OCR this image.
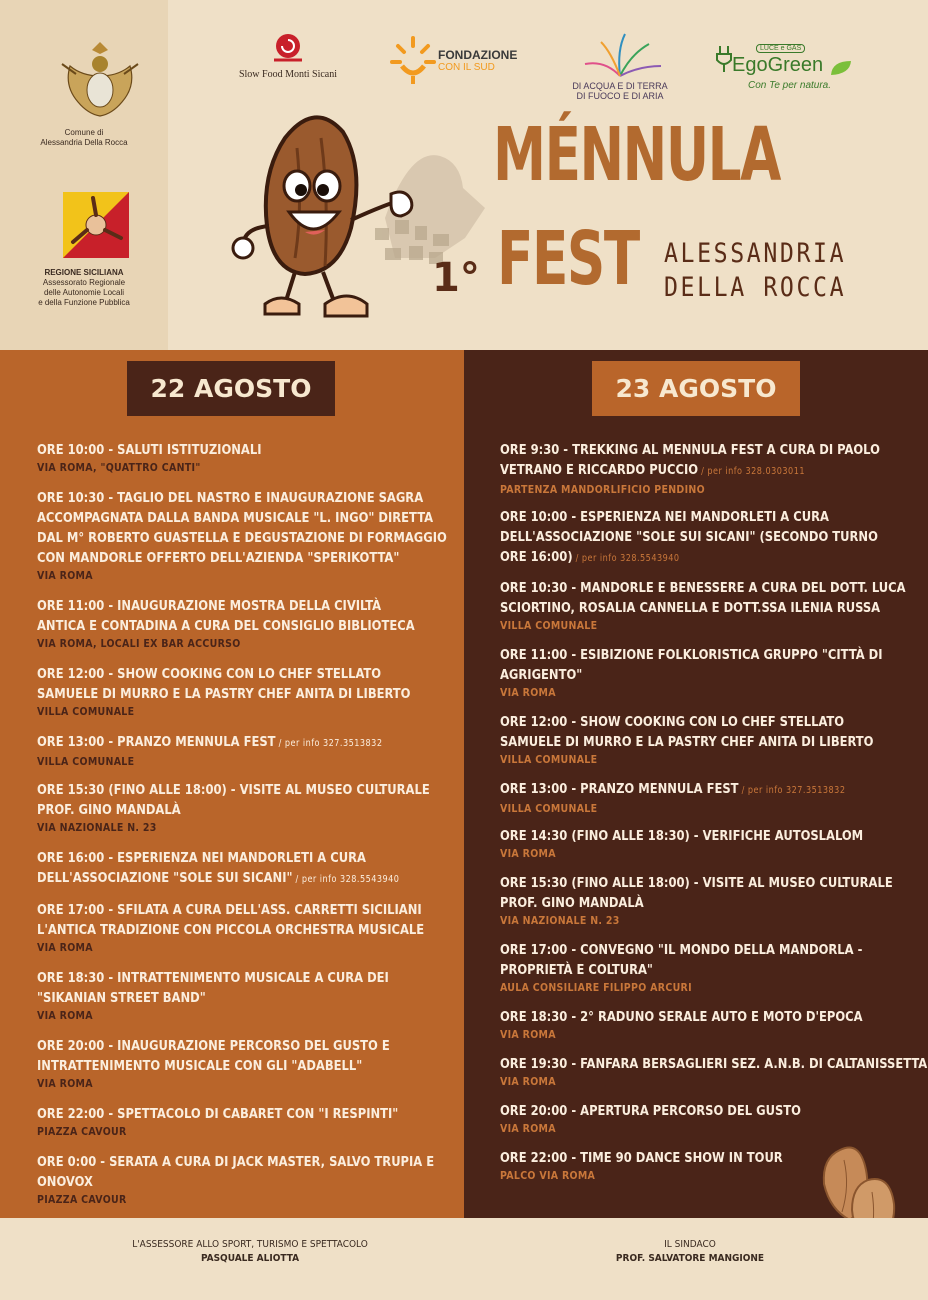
Comune di
Alessandria Della Rocca
REGIONE SICILIANA
Assessorato Regionale
delle Autonomie Locali
e della Funzione Pubblica
Slow Food Monti Sicani
FONDAZIONE
CON IL SUD
DI ACQUA E DI TERRA
DI FUOCO E DI ARIA
LUCE e GAS
EgoGreen
Con Te per natura.
MÉNNULA
FEST
1°
ALESSANDRIA
DELLA ROCCA
22 AGOSTO	23 AGOSTO
ORE 10:00 - SALUTI ISTITUZIONALI
VIA ROMA, "QUATTRO CANTI"
ORE 10:30 - TAGLIO DEL NASTRO E INAUGURAZIONE SAGRA
ACCOMPAGNATA DALLA BANDA MUSICALE "L. INGO" DIRETTA
DAL M° ROBERTO GUASTELLA E DEGUSTAZIONE DI FORMAGGIO
CON MANDORLE OFFERTO DELL'AZIENDA "SPERIKOTTA"
VIA ROMA
ORE 11:00 - INAUGURAZIONE MOSTRA DELLA CIVILTÀ
ANTICA E CONTADINA A CURA DEL CONSIGLIO BIBLIOTECA
VIA ROMA, LOCALI EX BAR ACCURSO
ORE 12:00 - SHOW COOKING CON LO CHEF STELLATO
SAMUELE DI MURRO E LA PASTRY CHEF ANITA DI LIBERTO
VILLA COMUNALE
ORE 13:00 - PRANZO MENNULA FEST / per info 327.3513832
VILLA COMUNALE
ORE 15:30 (FINO ALLE 18:00) - VISITE AL MUSEO CULTURALE
PROF. GINO MANDALÀ
VIA NAZIONALE N. 23
ORE 16:00 - ESPERIENZA NEI MANDORLETI A CURA
DELL'ASSOCIAZIONE "SOLE SUI SICANI" / per info 328.5543940
ORE 17:00 - SFILATA A CURA DELL'ASS. CARRETTI SICILIANI
L'ANTICA TRADIZIONE CON PICCOLA ORCHESTRA MUSICALE
VIA ROMA
ORE 18:30 - INTRATTENIMENTO MUSICALE A CURA DEI
"SIKANIAN STREET BAND"
VIA ROMA
ORE 20:00 - INAUGURAZIONE PERCORSO DEL GUSTO E
INTRATTENIMENTO MUSICALE CON GLI "ADABELL"
VIA ROMA
ORE 22:00 - SPETTACOLO DI CABARET CON "I RESPINTI"
PIAZZA CAVOUR
ORE 0:00 - SERATA A CURA DI JACK MASTER, SALVO TRUPIA E
ONOVOX
PIAZZA CAVOUR
ORE 9:30 - TREKKING AL MENNULA FEST A CURA DI PAOLO
VETRANO E RICCARDO PUCCIO / per info 328.0303011
PARTENZA MANDORLIFICIO PENDINO
ORE 10:00 - ESPERIENZA NEI MANDORLETI A CURA
DELL'ASSOCIAZIONE "SOLE SUI SICANI" (SECONDO TURNO
ORE 16:00) / per info 328.5543940
ORE 10:30 - MANDORLE E BENESSERE A CURA DEL DOTT. LUCA
SCIORTINO, ROSALIA CANNELLA E DOTT.SSA ILENIA RUSSA
VILLA COMUNALE
ORE 11:00 - ESIBIZIONE FOLKLORISTICA GRUPPO "CITTÀ DI
AGRIGENTO"
VIA ROMA
ORE 12:00 - SHOW COOKING CON LO CHEF STELLATO
SAMUELE DI MURRO E LA PASTRY CHEF ANITA DI LIBERTO
VILLA COMUNALE
ORE 13:00 - PRANZO MENNULA FEST / per info 327.3513832
VILLA COMUNALE
ORE 14:30 (FINO ALLE 18:30) - VERIFICHE AUTOSLALOM
VIA ROMA
ORE 15:30 (FINO ALLE 18:00) - VISITE AL MUSEO CULTURALE
PROF. GINO MANDALÀ
VIA NAZIONALE N. 23
ORE 17:00 - CONVEGNO "IL MONDO DELLA MANDORLA -
PROPRIETÀ E COLTURA"
AULA CONSILIARE FILIPPO ARCURI
ORE 18:30 - 2° RADUNO SERALE AUTO E MOTO D'EPOCA
VIA ROMA
ORE 19:30 - FANFARA BERSAGLIERI SEZ. A.N.B. DI CALTANISSETTA
VIA ROMA
ORE 20:00 - APERTURA PERCORSO DEL GUSTO
VIA ROMA
ORE 22:00 - TIME 90 DANCE SHOW IN TOUR
PALCO VIA ROMA
L'ASSESSORE ALLO SPORT, TURISMO E SPETTACOLO
PASQUALE ALIOTTA
IL SINDACO
PROF. SALVATORE MANGIONE
